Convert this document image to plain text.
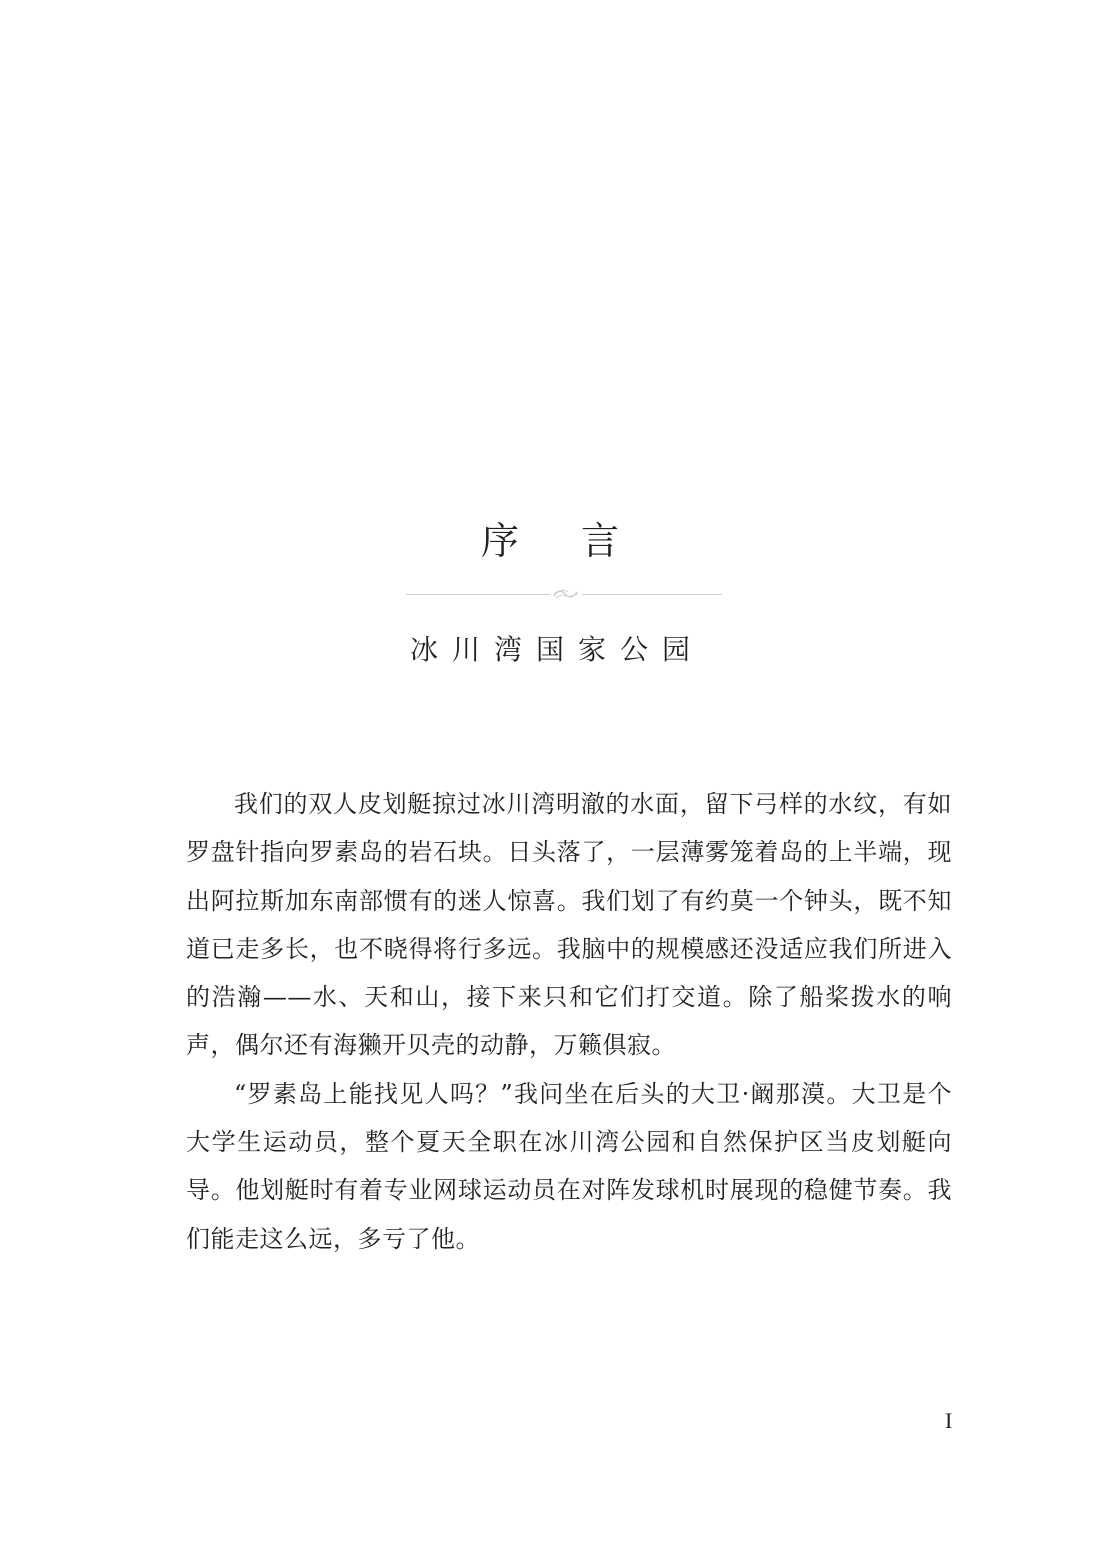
序 言
冰川湾国家公园

我们的双人皮划艇掠过冰川湾明澈的水面，留下弓样的水纹，有如罗盘针指向罗素岛的岩石块。日头落了，一层薄雾笼着岛的上半端，现出阿拉斯加东南部惯有的迷人惊喜。我们划了有约莫一个钟头，既不知道已走多长，也不晓得将行多远。我脑中的规模感还没适应我们所进入的浩瀚——水、天和山，接下来只和它们打交道。除了船桨拨水的响声，偶尔还有海獭开贝壳的动静，万籁俱寂。

“罗素岛上能找见人吗？”我问坐在后头的大卫·阚那漠。大卫是个大学生运动员，整个夏天全职在冰川湾公园和自然保护区当皮划艇向导。他划艇时有着专业网球运动员在对阵发球机时展现的稳健节奏。我们能走这么远，多亏了他。

I
